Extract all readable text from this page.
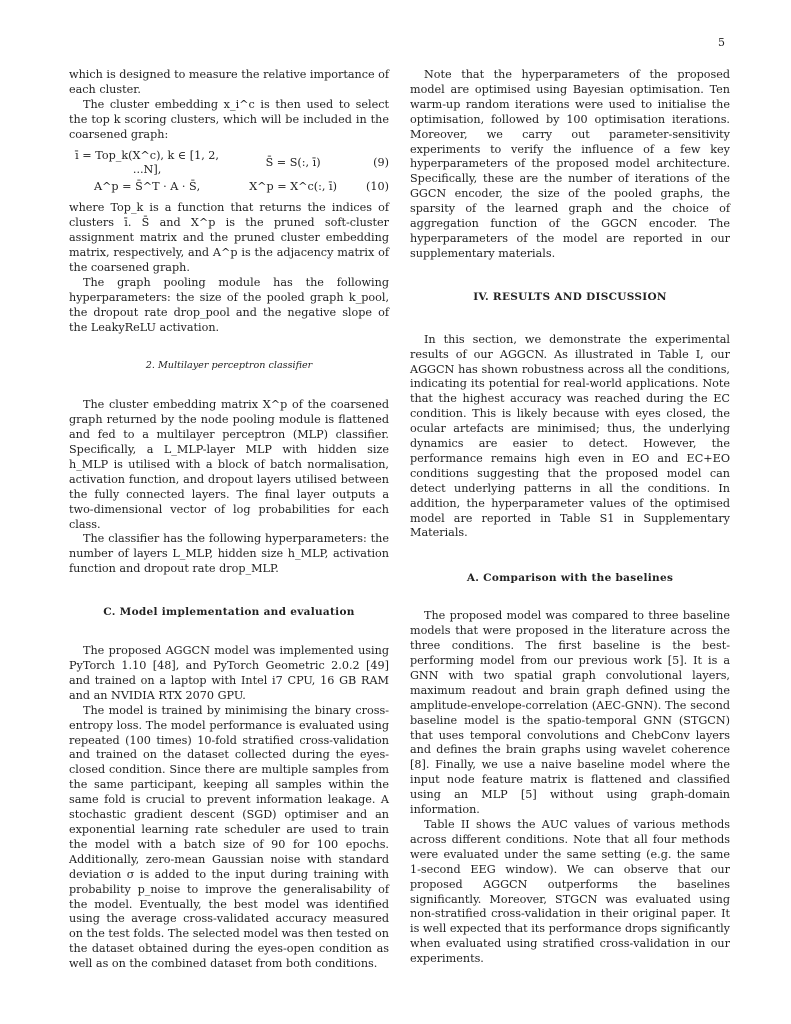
5

which is designed to measure the relative importance of each cluster.

The cluster embedding x_i^c is then used to select the top k scoring clusters, which will be included in the coarsened graph:

ī = Top_k(X^c), k ∈ [1, 2, ...N],
S̄ = S(:, ī)	(9)
A^p = S̄^T · A · S̄,	X^p = X^c(:, ī)	(10)

where Top_k is a function that returns the indices of clusters ī. S̄ and X^p is the pruned soft-cluster assignment matrix and the pruned cluster embedding matrix, respectively, and A^p is the adjacency matrix of the coarsened graph.

The graph pooling module has the following hyperparameters: the size of the pooled graph k_pool, the dropout rate drop_pool and the negative slope of the LeakyReLU activation.

2. Multilayer perceptron classifier

The cluster embedding matrix X^p of the coarsened graph returned by the node pooling module is flattened and fed to a multilayer perceptron (MLP) classifier. Specifically, a L_MLP-layer MLP with hidden size h_MLP is utilised with a block of batch normalisation, activation function, and dropout layers utilised between the fully connected layers. The final layer outputs a two-dimensional vector of log probabilities for each class.

The classifier has the following hyperparameters: the number of layers L_MLP, hidden size h_MLP, activation function and dropout rate drop_MLP.

C. Model implementation and evaluation

The proposed AGGCN model was implemented using PyTorch 1.10 [48], and PyTorch Geometric 2.0.2 [49] and trained on a laptop with Intel i7 CPU, 16 GB RAM and an NVIDIA RTX 2070 GPU.

The model is trained by minimising the binary cross-entropy loss. The model performance is evaluated using repeated (100 times) 10-fold stratified cross-validation and trained on the dataset collected during the eyes-closed condition. Since there are multiple samples from the same participant, keeping all samples within the same fold is crucial to prevent information leakage. A stochastic gradient descent (SGD) optimiser and an exponential learning rate scheduler are used to train the model with a batch size of 90 for 100 epochs. Additionally, zero-mean Gaussian noise with standard deviation σ is added to the input during training with probability p_noise to improve the generalisability of the model. Eventually, the best model was identified using the average cross-validated accuracy measured on the test folds. The selected model was then tested on the dataset obtained during the eyes-open condition as well as on the combined dataset from both conditions.

Note that the hyperparameters of the proposed model are optimised using Bayesian optimisation. Ten warm-up random iterations were used to initialise the optimisation, followed by 100 optimisation iterations. Moreover, we carry out parameter-sensitivity experiments to verify the influence of a few key hyperparameters of the proposed model architecture. Specifically, these are the number of iterations of the GGCN encoder, the size of the pooled graphs, the sparsity of the learned graph and the choice of aggregation function of the GGCN encoder. The hyperparameters of the model are reported in our supplementary materials.

IV. RESULTS AND DISCUSSION

In this section, we demonstrate the experimental results of our AGGCN. As illustrated in Table I, our AGGCN has shown robustness across all the conditions, indicating its potential for real-world applications. Note that the highest accuracy was reached during the EC condition. This is likely because with eyes closed, the ocular artefacts are minimised; thus, the underlying dynamics are easier to detect. However, the performance remains high even in EO and EC+EO conditions suggesting that the proposed model can detect underlying patterns in all the conditions. In addition, the hyperparameter values of the optimised model are reported in Table S1 in Supplementary Materials.

A. Comparison with the baselines

The proposed model was compared to three baseline models that were proposed in the literature across the three conditions. The first baseline is the best-performing model from our previous work [5]. It is a GNN with two spatial graph convolutional layers, maximum readout and brain graph defined using the amplitude-envelope-correlation (AEC-GNN). The second baseline model is the spatio-temporal GNN (STGCN) that uses temporal convolutions and ChebConv layers and defines the brain graphs using wavelet coherence [8]. Finally, we use a naive baseline model where the input node feature matrix is flattened and classified using an MLP [5] without using graph-domain information.

Table II shows the AUC values of various methods across different conditions. Note that all four methods were evaluated under the same setting (e.g. the same 1-second EEG window). We can observe that our proposed AGGCN outperforms the baselines significantly. Moreover, STGCN was evaluated using non-stratified cross-validation in their original paper. It is well expected that its performance drops significantly when evaluated using stratified cross-validation in our experiments.
